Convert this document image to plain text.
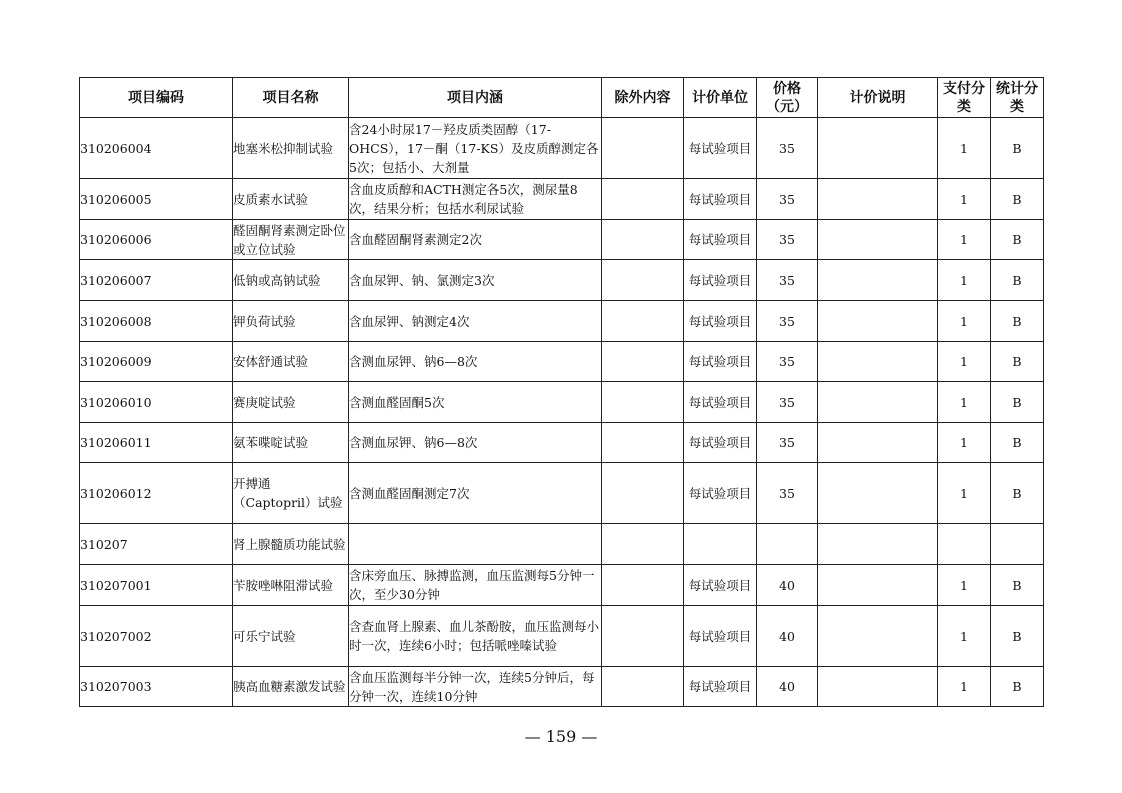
项目编码	项目名称	项目内涵	除外内容	计价单位	价格（元）	计价说明	支付分类	统计分类
310206004	地塞米松抑制试验	含24小时尿17－羟皮质类固醇（17-OHCS），17－酮（17-KS）及皮质醇测定各5次；包括小、大剂量		每试验项目	35		1	B
310206005	皮质素水试验	含血皮质醇和ACTH测定各5次，测尿量8次，结果分析；包括水利尿试验		每试验项目	35		1	B
310206006	醛固酮肾素测定卧位或立位试验	含血醛固酮肾素测定2次		每试验项目	35		1	B
310206007	低钠或高钠试验	含血尿钾、钠、氯测定3次		每试验项目	35		1	B
310206008	钾负荷试验	含血尿钾、钠测定4次		每试验项目	35		1	B
310206009	安体舒通试验	含测血尿钾、钠6—8次		每试验项目	35		1	B
310206010	赛庚啶试验	含测血醛固酮5次		每试验项目	35		1	B
310206011	氨苯喋啶试验	含测血尿钾、钠6—8次		每试验项目	35		1	B
310206012	开搏通（Captopril）试验	含测血醛固酮测定7次		每试验项目	35		1	B
310207	肾上腺髓质功能试验							
310207001	苄胺唑啉阻滞试验	含床旁血压、脉搏监测，血压监测每5分钟一次，至少30分钟		每试验项目	40		1	B
310207002	可乐宁试验	含查血肾上腺素、血儿茶酚胺，血压监测每小时一次，连续6小时；包括哌唑嗪试验		每试验项目	40		1	B
310207003	胰高血糖素激发试验	含血压监测每半分钟一次，连续5分钟后，每分钟一次，连续10分钟		每试验项目	40		1	B
— 159 —
